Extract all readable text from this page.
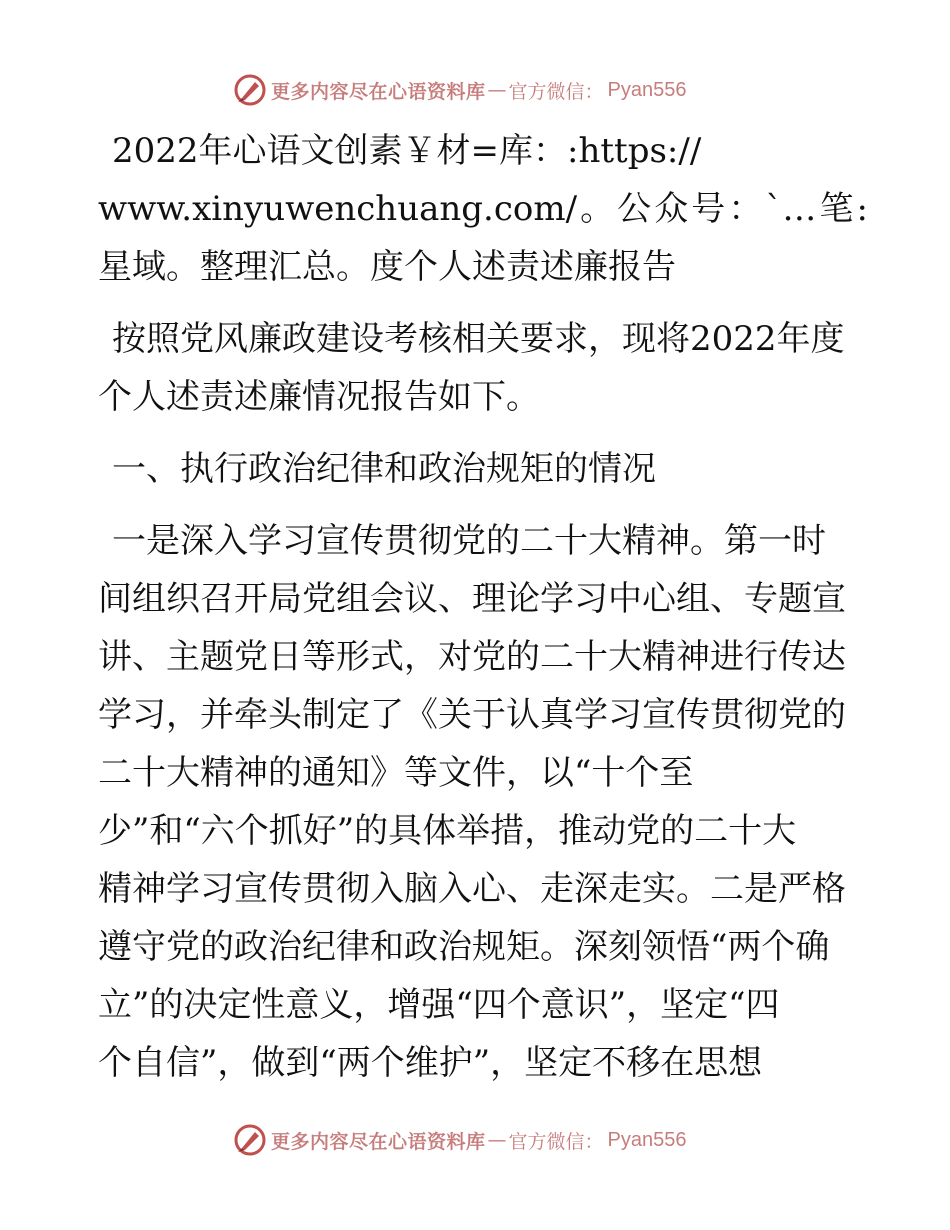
更多内容尽在心语资料库 — 官方微信： Pyan556
2022年心语文创素￥材=库：:https://
www.xinyuwenchuang.com/。公众号：`…笔:
星域。整理汇总。度个人述责述廉报告
按照党风廉政建设考核相关要求，现将2022年度
个人述责述廉情况报告如下。
一、执行政治纪律和政治规矩的情况
一是深入学习宣传贯彻党的二十大精神。第一时
间组织召开局党组会议、理论学习中心组、专题宣
讲、主题党日等形式，对党的二十大精神进行传达
学习，并牵头制定了《关于认真学习宣传贯彻党的
二十大精神的通知》等文件，以“十个至
少”和“六个抓好”的具体举措，推动党的二十大
精神学习宣传贯彻入脑入心、走深走实。二是严格
遵守党的政治纪律和政治规矩。深刻领悟“两个确
立”的决定性意义，增强“四个意识”，坚定“四
个自信”，做到“两个维护”，坚定不移在思想
更多内容尽在心语资料库 — 官方微信： Pyan556
